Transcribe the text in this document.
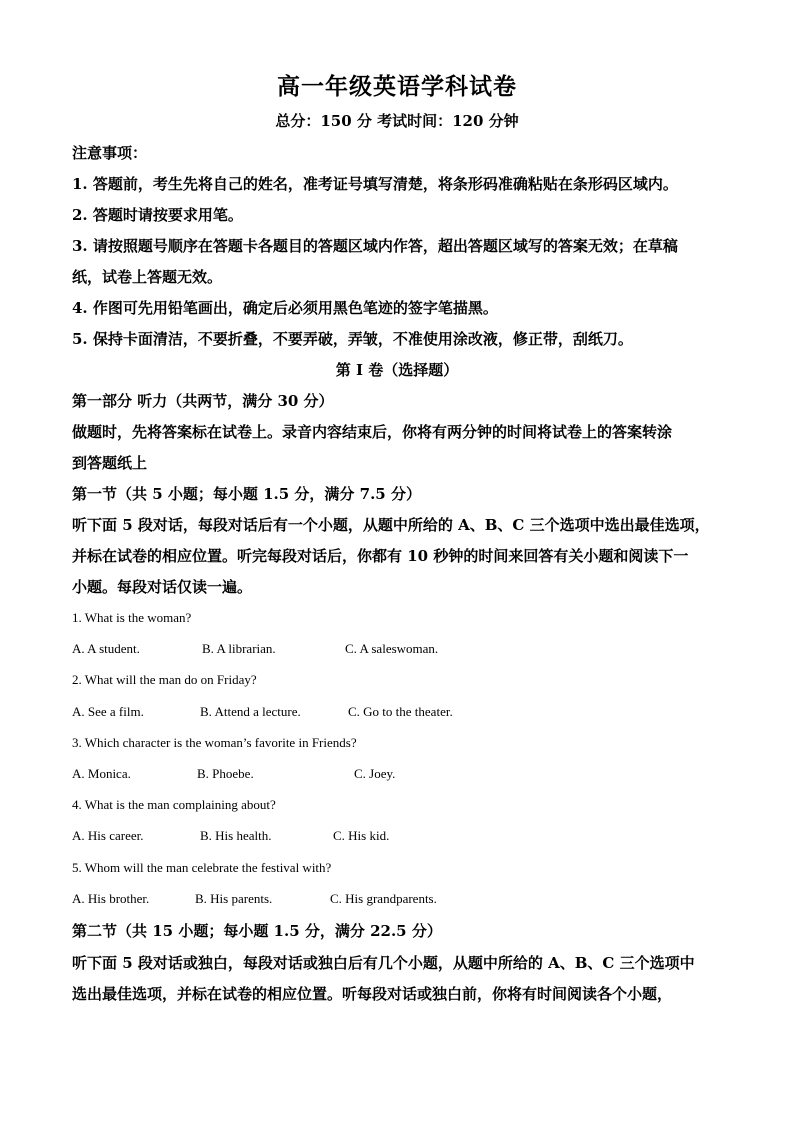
高一年级英语学科试卷
总分：150 分 考试时间：120 分钟
注意事项：
1. 答题前，考生先将自己的姓名，准考证号填写清楚，将条形码准确粘贴在条形码区域内。
2. 答题时请按要求用笔。
3. 请按照题号顺序在答题卡各题目的答题区域内作答，超出答题区域写的答案无效；在草稿
纸，试卷上答题无效。
4. 作图可先用铅笔画出，确定后必须用黑色笔迹的签字笔描黑。
5. 保持卡面清洁，不要折叠，不要弄破，弄皱，不准使用涂改液，修正带，刮纸刀。
第 I 卷（选择题）
第一部分 听力（共两节，满分 30 分）
做题时，先将答案标在试卷上。录音内容结束后，你将有两分钟的时间将试卷上的答案转涂
到答题纸上
第一节（共 5 小题；每小题 1.5 分，满分 7.5 分）
听下面 5 段对话，每段对话后有一个小题，从题中所给的 A、B、C 三个选项中选出最佳选项，
并标在试卷的相应位置。听完每段对话后，你都有 10 秒钟的时间来回答有关小题和阅读下一
小题。每段对话仅读一遍。
1. What is the woman?
A. A student.	B. A librarian.	C. A saleswoman.
2. What will the man do on Friday?
A. See a film.	B. Attend a lecture.	C. Go to the theater.
3. Which character is the woman’s favorite in Friends?
A. Monica.	B. Phoebe.	C. Joey.
4. What is the man complaining about?
A. His career.	B. His health.	C. His kid.
5. Whom will the man celebrate the festival with?
A. His brother.	B. His parents.	C. His grandparents.
第二节（共 15 小题；每小题 1.5 分，满分 22.5 分）
听下面 5 段对话或独白，每段对话或独白后有几个小题，从题中所给的 A、B、C 三个选项中
选出最佳选项，并标在试卷的相应位置。听每段对话或独白前，你将有时间阅读各个小题，
